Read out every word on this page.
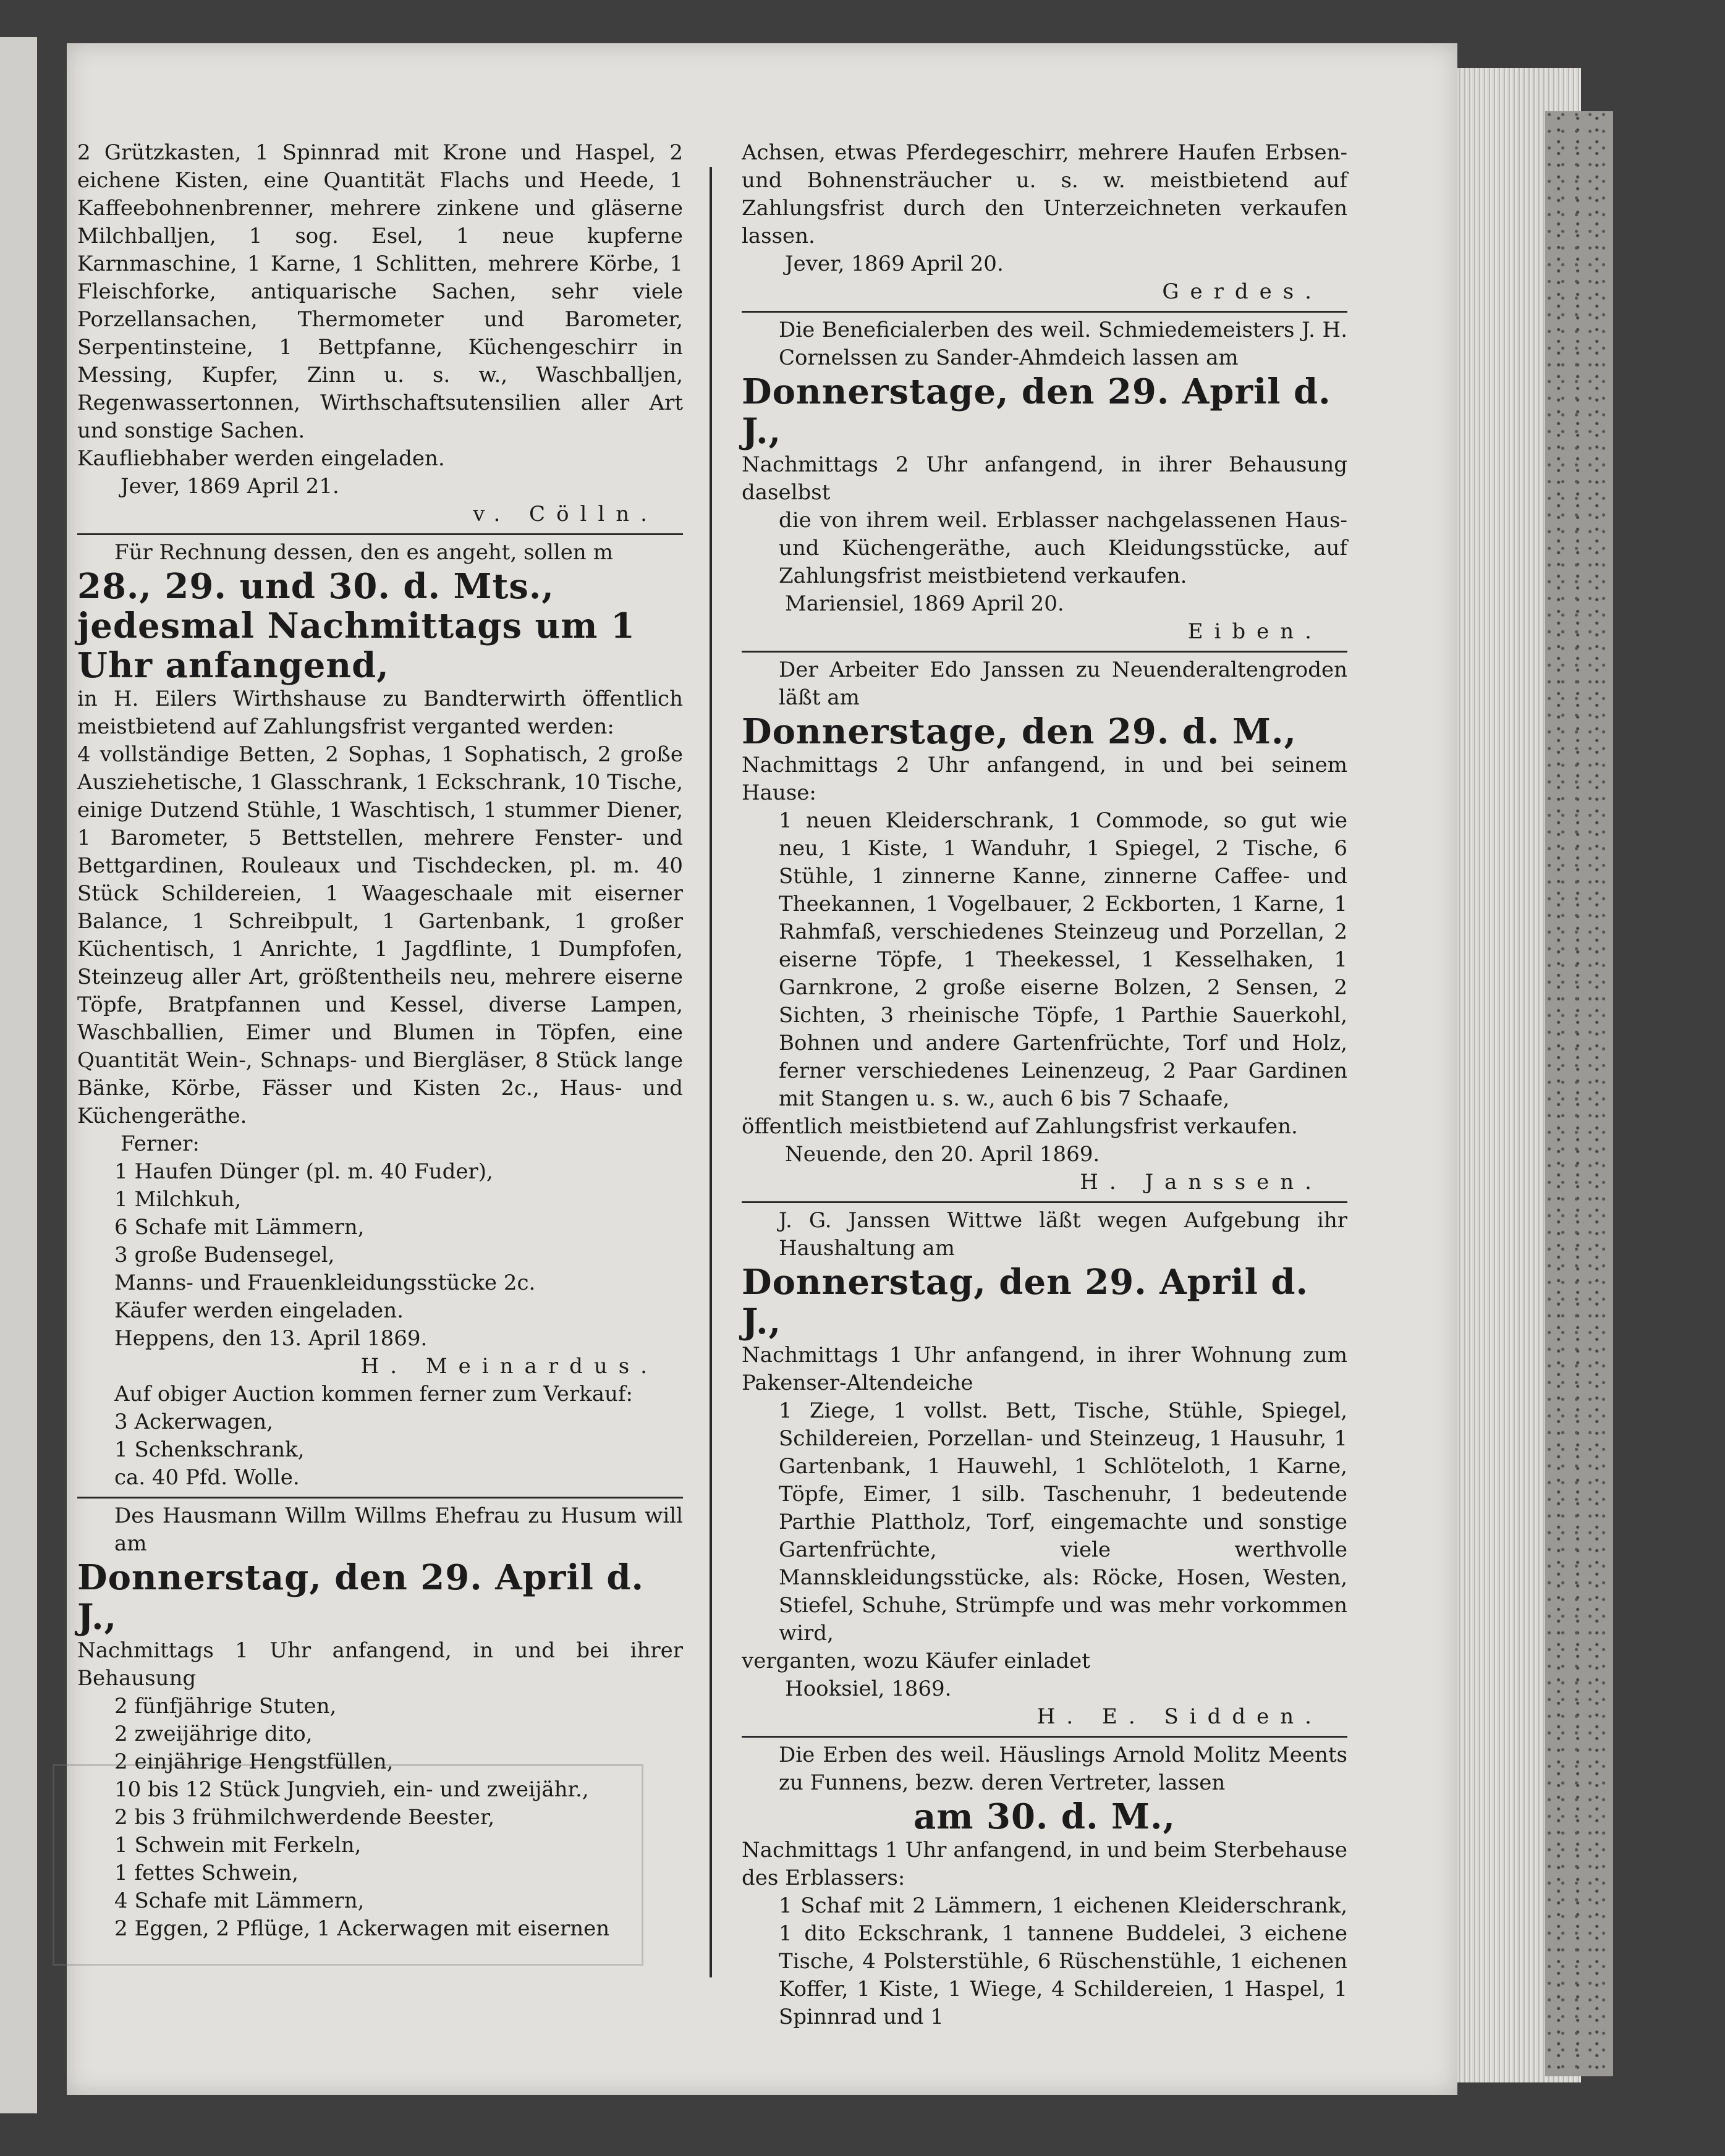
2 Grützkasten, 1 Spinnrad mit Krone und Haspel, 2 eichene Kisten, eine Quantität Flachs und Heede, 1 Kaffeebohnenbrenner, mehrere zinkene und gläserne Milchballjen, 1 sog. Esel, 1 neue kupferne Karnmaschine, 1 Karne, 1 Schlitten, mehrere Körbe, 1 Fleischforke, antiquarische Sachen, sehr viele Porzellansachen, Thermometer und Barometer, Serpentinsteine, 1 Bettpfanne, Küchengeschirr in Messing, Kupfer, Zinn u. s. w., Waschballjen, Regenwassertonnen, Wirthschaftsutensilien aller Art und sonstige Sachen.

Kaufliebhaber werden eingeladen.

Jever, 1869 April 21.

v. Cölln.

Für Rechnung dessen, den es angeht, sollen m

28., 29. und 30. d. Mts., jedesmal Nachmittags um 1 Uhr anfangend,

in H. Eilers Wirthshause zu Bandterwirth öffentlich meistbietend auf Zahlungsfrist verganted werden:

4 vollständige Betten, 2 Sophas, 1 Sophatisch, 2 große Ausziehetische, 1 Glasschrank, 1 Eckschrank, 10 Tische, einige Dutzend Stühle, 1 Waschtisch, 1 stummer Diener, 1 Barometer, 5 Bettstellen, mehrere Fenster- und Bettgardinen, Rouleaux und Tischdecken, pl. m. 40 Stück Schildereien, 1 Waageschaale mit eiserner Balance, 1 Schreibpult, 1 Gartenbank, 1 großer Küchentisch, 1 Anrichte, 1 Jagdflinte, 1 Dumpfofen, Steinzeug aller Art, größtentheils neu, mehrere eiserne Töpfe, Bratpfannen und Kessel, diverse Lampen, Waschballien, Eimer und Blumen in Töpfen, eine Quantität Wein-, Schnaps- und Biergläser, 8 Stück lange Bänke, Körbe, Fässer und Kisten 2c., Haus- und Küchengeräthe.

Ferner:

1 Haufen Dünger (pl. m. 40 Fuder),

1 Milchkuh,

6 Schafe mit Lämmern,

3 große Budensegel,

Manns- und Frauenkleidungsstücke 2c.

Käufer werden eingeladen.

Heppens, den 13. April 1869.

H. Meinardus.

Auf obiger Auction kommen ferner zum Verkauf:

3 Ackerwagen,

1 Schenkschrank,

ca. 40 Pfd. Wolle.

Des Hausmann Willm Willms Ehefrau zu Husum will am

Donnerstag, den 29. April d. J.,

Nachmittags 1 Uhr anfangend, in und bei ihrer Behausung

2 fünfjährige Stuten,

2 zweijährige dito,

2 einjährige Hengstfüllen,

10 bis 12 Stück Jungvieh, ein- und zweijähr.,

2 bis 3 frühmilchwerdende Beester,

1 Schwein mit Ferkeln,

1 fettes Schwein,

4 Schafe mit Lämmern,

2 Eggen, 2 Pflüge, 1 Ackerwagen mit eisernen

Achsen, etwas Pferdegeschirr, mehrere Haufen Erbsen- und Bohnensträucher u. s. w. meistbietend auf Zahlungsfrist durch den Unterzeichneten verkaufen lassen.

Jever, 1869 April 20.

Gerdes.

Die Beneficialerben des weil. Schmiedemeisters J. H. Cornelssen zu Sander-Ahmdeich lassen am

Donnerstage, den 29. April d. J.,

Nachmittags 2 Uhr anfangend, in ihrer Behausung daselbst

die von ihrem weil. Erblasser nachgelassenen Haus- und Küchengeräthe, auch Kleidungsstücke, auf Zahlungsfrist meistbietend verkaufen.

Mariensiel, 1869 April 20.

Eiben.

Der Arbeiter Edo Janssen zu Neuenderaltengroden läßt am

Donnerstage, den 29. d. M.,

Nachmittags 2 Uhr anfangend, in und bei seinem Hause:

1 neuen Kleiderschrank, 1 Commode, so gut wie neu, 1 Kiste, 1 Wanduhr, 1 Spiegel, 2 Tische, 6 Stühle, 1 zinnerne Kanne, zinnerne Caffee- und Theekannen, 1 Vogelbauer, 2 Eckborten, 1 Karne, 1 Rahmfaß, verschiedenes Steinzeug und Porzellan, 2 eiserne Töpfe, 1 Theekessel, 1 Kesselhaken, 1 Garnkrone, 2 große eiserne Bolzen, 2 Sensen, 2 Sichten, 3 rheinische Töpfe, 1 Parthie Sauerkohl, Bohnen und andere Gartenfrüchte, Torf und Holz, ferner verschiedenes Leinenzeug, 2 Paar Gardinen mit Stangen u. s. w., auch 6 bis 7 Schaafe,

öffentlich meistbietend auf Zahlungsfrist verkaufen.

Neuende, den 20. April 1869.

H. Janssen.

J. G. Janssen Wittwe läßt wegen Aufgebung ihr Haushaltung am

Donnerstag, den 29. April d. J.,

Nachmittags 1 Uhr anfangend, in ihrer Wohnung zum Pakenser-Altendeiche

1 Ziege, 1 vollst. Bett, Tische, Stühle, Spiegel, Schildereien, Porzellan- und Steinzeug, 1 Hausuhr, 1 Gartenbank, 1 Hauwehl, 1 Schlöteloth, 1 Karne, Töpfe, Eimer, 1 silb. Taschenuhr, 1 bedeutende Parthie Plattholz, Torf, eingemachte und sonstige Gartenfrüchte, viele werthvolle Mannskleidungsstücke, als: Röcke, Hosen, Westen, Stiefel, Schuhe, Strümpfe und was mehr vorkommen wird,

verganten, wozu Käufer einladet

Hooksiel, 1869.

H. E. Sidden.

Die Erben des weil. Häuslings Arnold Molitz Meents zu Funnens, bezw. deren Vertreter, lassen

am 30. d. M.,

Nachmittags 1 Uhr anfangend, in und beim Sterbehause des Erblassers:

1 Schaf mit 2 Lämmern, 1 eichenen Kleiderschrank, 1 dito Eckschrank, 1 tannene Buddelei, 3 eichene Tische, 4 Polsterstühle, 6 Rüschenstühle, 1 eichenen Koffer, 1 Kiste, 1 Wiege, 4 Schildereien, 1 Haspel, 1 Spinnrad und 1
